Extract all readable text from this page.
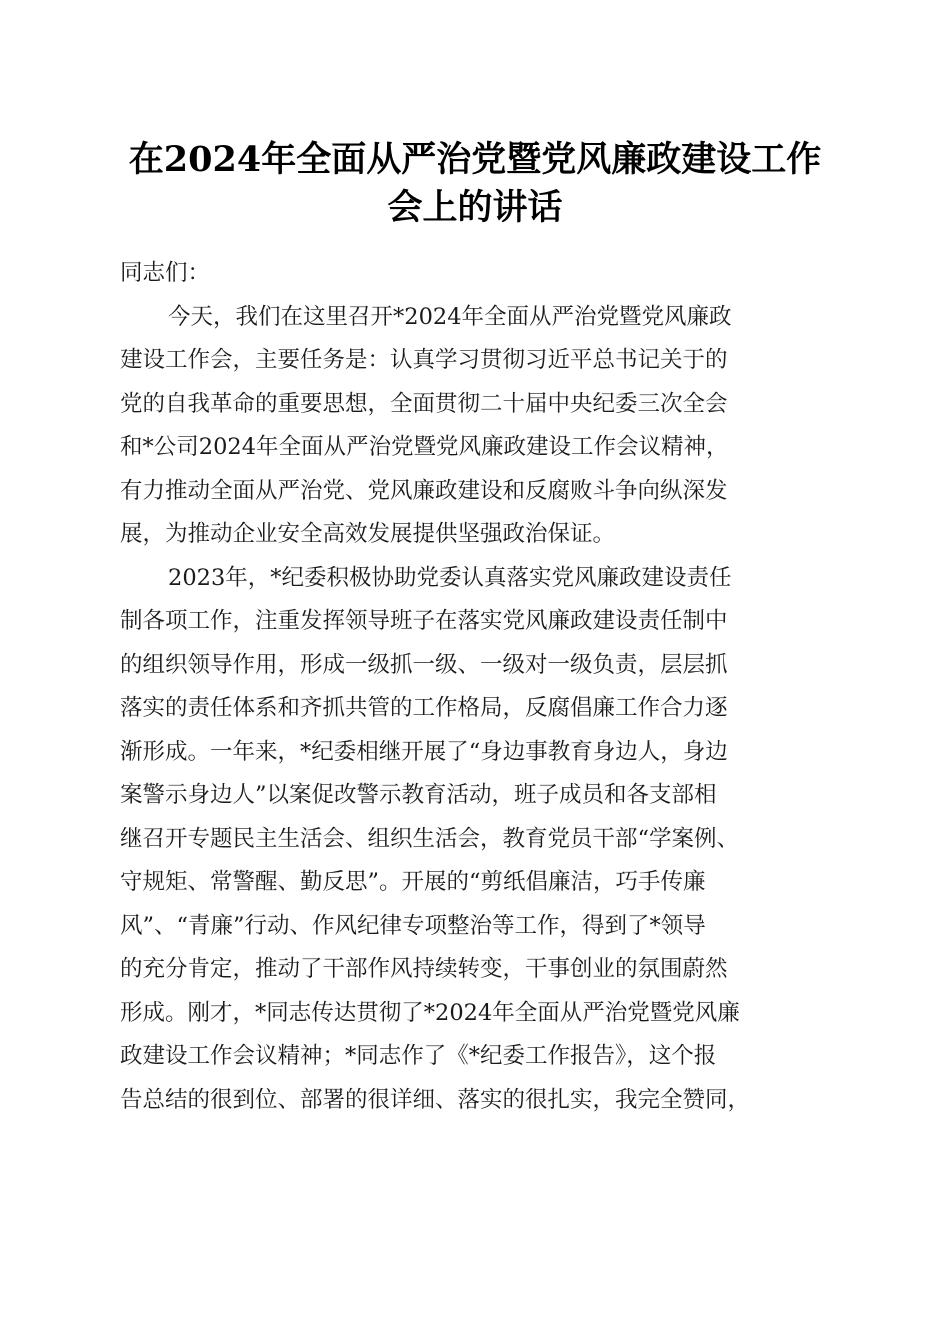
在2024年全面从严治党暨党风廉政建设工作
会上的讲话
同志们：
今天，我们在这里召开*2024年全面从严治党暨党风廉政
建设工作会，主要任务是：认真学习贯彻习近平总书记关于的
党的自我革命的重要思想，全面贯彻二十届中央纪委三次全会
和*公司2024年全面从严治党暨党风廉政建设工作会议精神，
有力推动全面从严治党、党风廉政建设和反腐败斗争向纵深发
展，为推动企业安全高效发展提供坚强政治保证。
2023年，*纪委积极协助党委认真落实党风廉政建设责任
制各项工作，注重发挥领导班子在落实党风廉政建设责任制中
的组织领导作用，形成一级抓一级、一级对一级负责，层层抓
落实的责任体系和齐抓共管的工作格局，反腐倡廉工作合力逐
渐形成。一年来，*纪委相继开展了“身边事教育身边人，身边
案警示身边人”以案促改警示教育活动，班子成员和各支部相
继召开专题民主生活会、组织生活会，教育党员干部“学案例、
守规矩、常警醒、勤反思”。开展的“剪纸倡廉洁，巧手传廉
风”、“青廉”行动、作风纪律专项整治等工作，得到了*领导
的充分肯定，推动了干部作风持续转变，干事创业的氛围蔚然
形成。刚才，*同志传达贯彻了*2024年全面从严治党暨党风廉
政建设工作会议精神；*同志作了《*纪委工作报告》，这个报
告总结的很到位、部署的很详细、落实的很扎实，我完全赞同，
